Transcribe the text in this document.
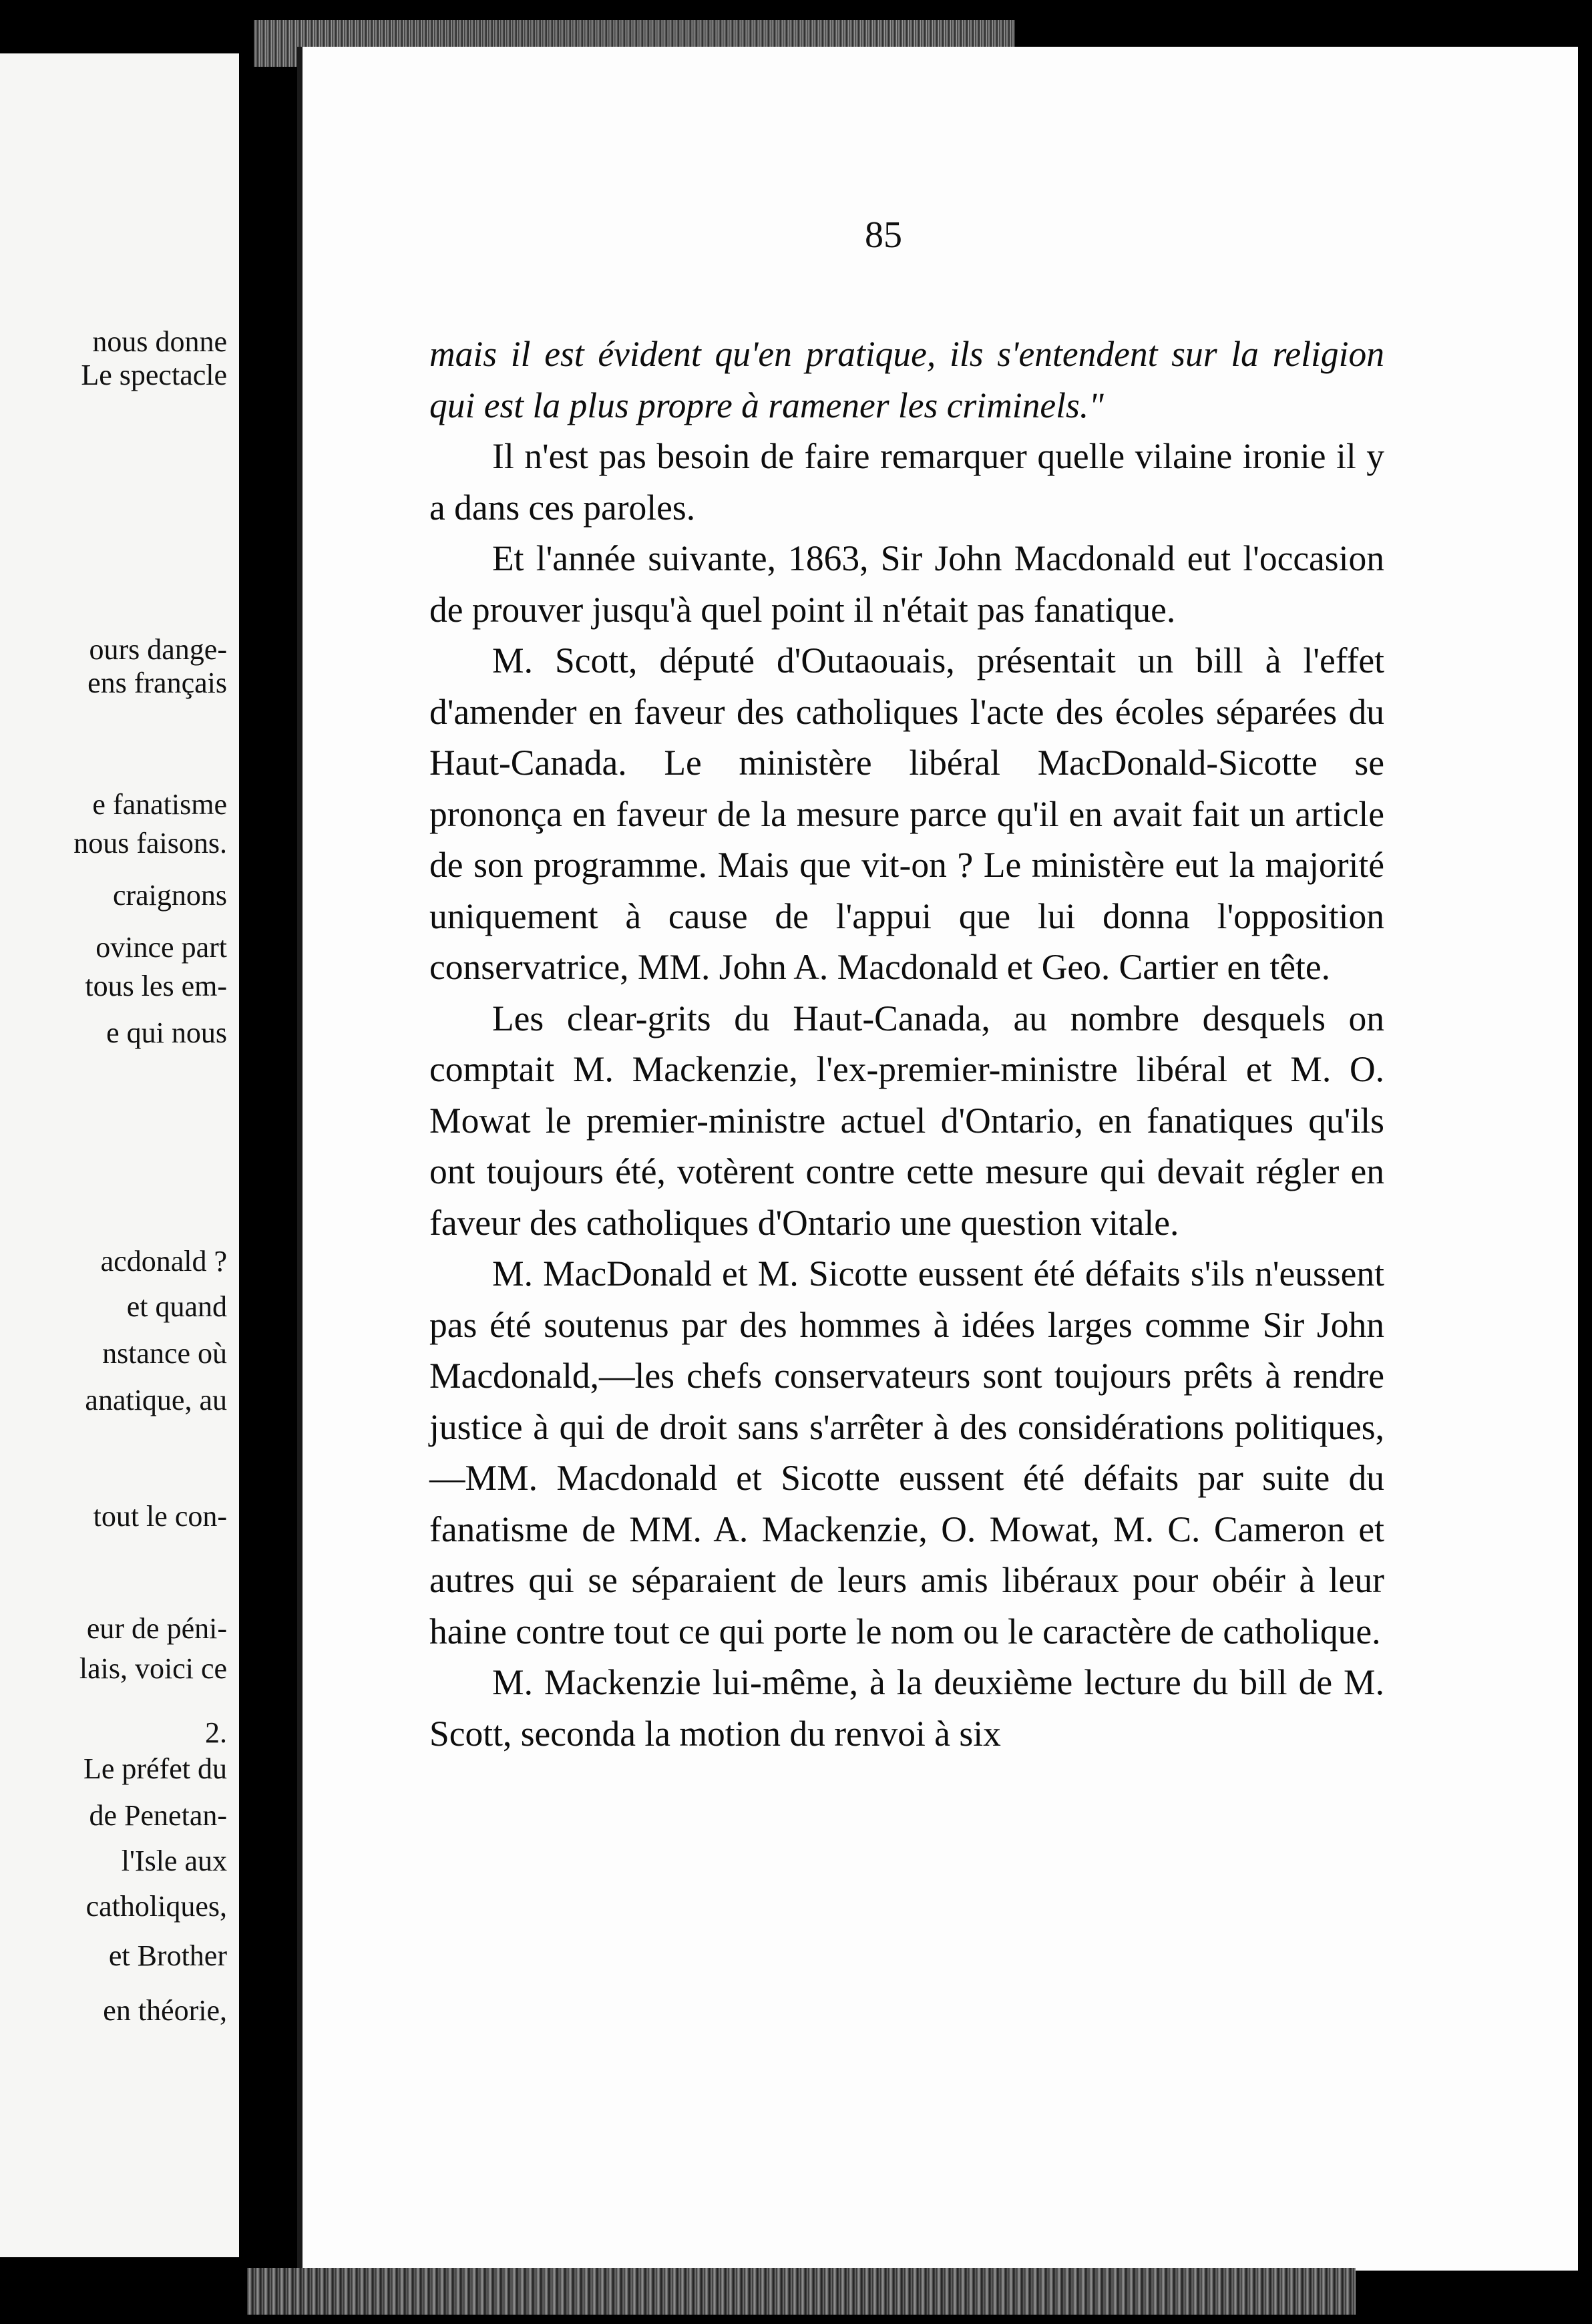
nous donne
Le spectacle
ours dange-
ens français
e fanatisme
nous faisons.
craignons
ovince part
tous les em-
e qui nous
acdonald ?
et quand
nstance où
anatique, au
tout le con-
eur de péni-
lais, voici ce
2.
Le préfet du
de Penetan-
l'Isle aux
catholiques,
et Brother
en théorie,
85

mais il est évident qu'en pratique, ils s'entendent sur la religion qui est la plus propre à ramener les criminels."

Il n'est pas besoin de faire remarquer quelle vilaine ironie il y a dans ces paroles.

Et l'année suivante, 1863, Sir John Macdonald eut l'occasion de prouver jusqu'à quel point il n'était pas fanatique.

M. Scott, député d'Outaouais, présentait un bill à l'effet d'amender en faveur des catholiques l'acte des écoles séparées du Haut-Canada. Le ministère libéral MacDonald-Sicotte se prononça en faveur de la mesure parce qu'il en avait fait un article de son programme. Mais que vit-on ? Le ministère eut la majorité uniquement à cause de l'appui que lui donna l'opposition conservatrice, MM. John A. Macdonald et Geo. Cartier en tête.

Les clear-grits du Haut-Canada, au nombre desquels on comptait M. Mackenzie, l'ex-premier-ministre libéral et M. O. Mowat le premier-ministre actuel d'Ontario, en fanatiques qu'ils ont toujours été, votèrent contre cette mesure qui devait régler en faveur des catholiques d'Ontario une question vitale.

M. MacDonald et M. Sicotte eussent été défaits s'ils n'eussent pas été soutenus par des hommes à idées larges comme Sir John Macdonald,—les chefs conservateurs sont toujours prêts à rendre justice à qui de droit sans s'arrêter à des considérations politiques,—MM. Macdonald et Sicotte eussent été défaits par suite du fanatisme de MM. A. Mackenzie, O. Mowat, M. C. Cameron et autres qui se séparaient de leurs amis libéraux pour obéir à leur haine contre tout ce qui porte le nom ou le caractère de catholique.

M. Mackenzie lui-même, à la deuxième lecture du bill de M. Scott, seconda la motion du renvoi à six
